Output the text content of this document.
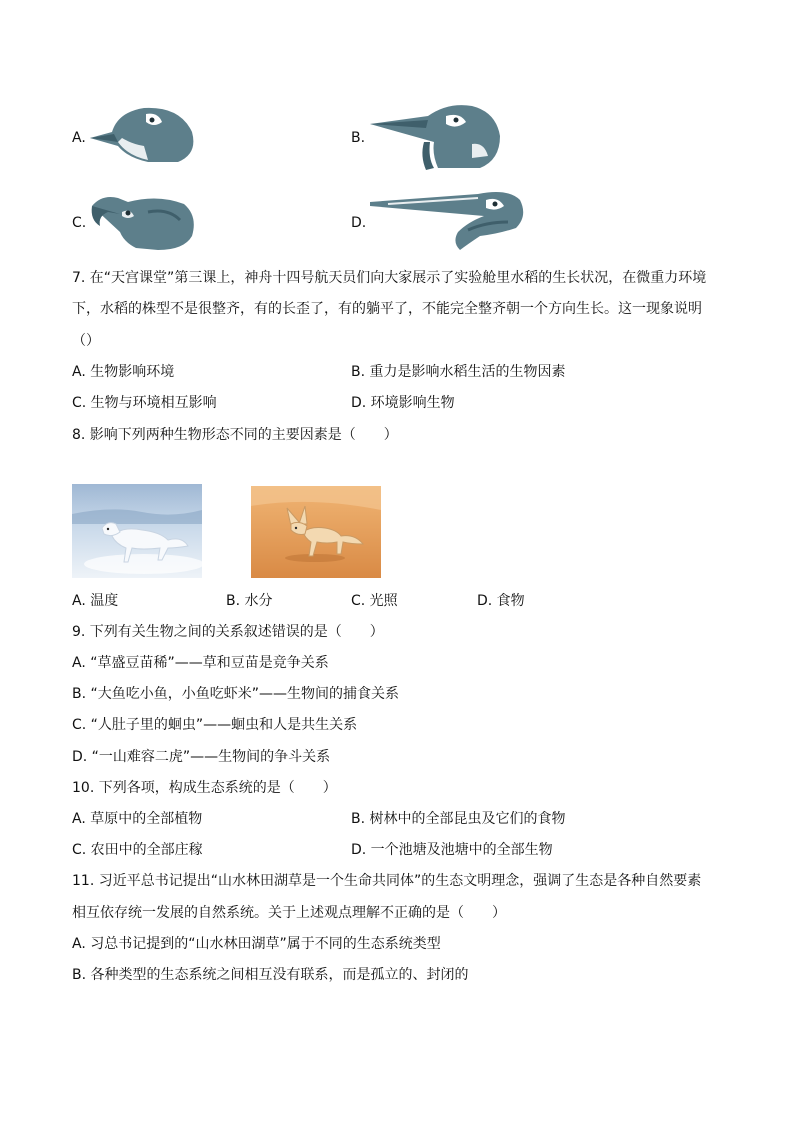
A.	B.
C.	D.
7. 在“天宫课堂”第三课上，神舟十四号航天员们向大家展示了实验舱里水稻的生长状况，在微重力环境
下，水稻的株型不是很整齐，有的长歪了，有的躺平了，不能完全整齐朝一个方向生长。这一现象说明
（）
A. 生物影响环境	B. 重力是影响水稻生活的生物因素
C. 生物与环境相互影响	D. 环境影响生物
8. 影响下列两种生物形态不同的主要因素是（　　）
A. 温度	B. 水分	C. 光照	D. 食物
9. 下列有关生物之间的关系叙述错误的是（　　）
A. “草盛豆苗稀”——草和豆苗是竞争关系
B. “大鱼吃小鱼，小鱼吃虾米”——生物间的捕食关系
C. “人肚子里的蛔虫”——蛔虫和人是共生关系
D. “一山难容二虎”——生物间的争斗关系
10. 下列各项，构成生态系统的是（　　）
A. 草原中的全部植物	B. 树林中的全部昆虫及它们的食物
C. 农田中的全部庄稼	D. 一个池塘及池塘中的全部生物
11. 习近平总书记提出“山水林田湖草是一个生命共同体”的生态文明理念，强调了生态是各种自然要素
相互依存统一发展的自然系统。关于上述观点理解不正确的是（　　）
A. 习总书记提到的“山水林田湖草”属于不同的生态系统类型
B. 各种类型的生态系统之间相互没有联系，而是孤立的、封闭的
